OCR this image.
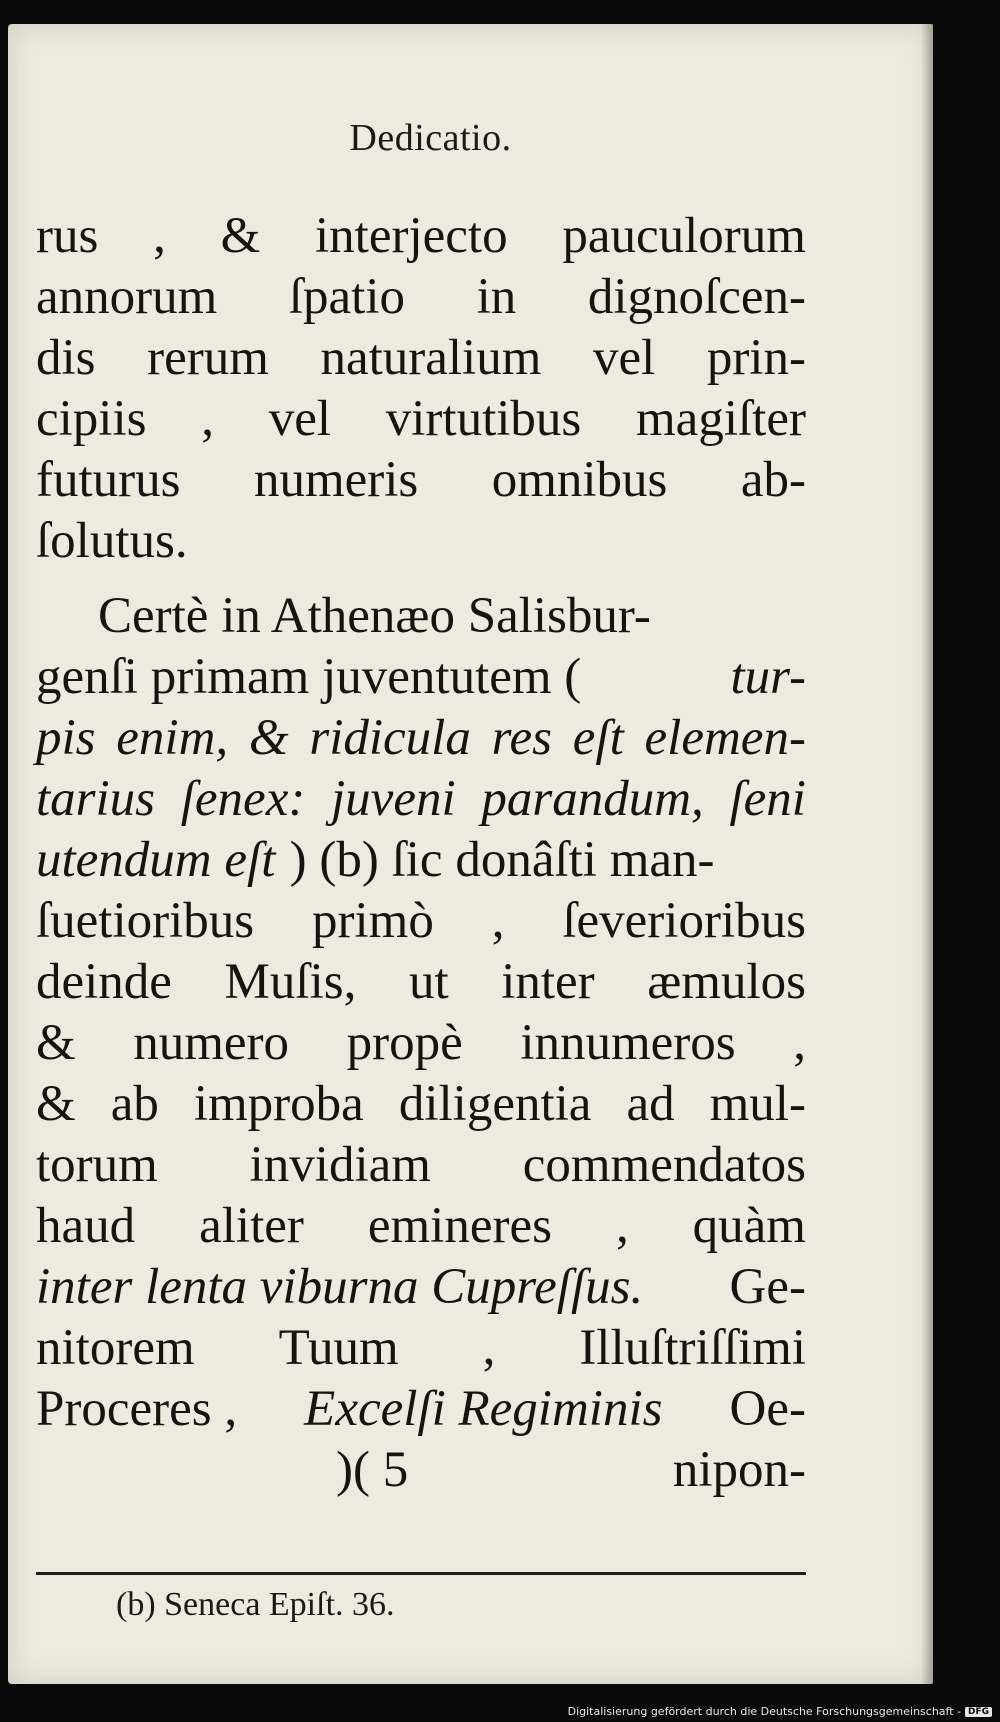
Dedicatio.
rus , & interjecto pauculorum
annorum ſpatio in dignoſcen-
dis rerum naturalium vel prin-
cipiis , vel virtutibus magiſter
futurus numeris omnibus ab-
ſolutus.
Certè in Athenæo Salisbur-
genſi primam juventutem (	tur-
pis enim, & ridicula res eſt elemen-
tarius ſenex: juveni parandum, ſeni
utendum eſt ) (b) ſic donâſti man-
ſuetioribus primò , ſeverioribus
deinde Muſis, ut inter æmulos
& numero propè innumeros ,
& ab improba diligentia ad mul-
torum invidiam commendatos
haud aliter emineres , quàm
inter lenta viburna Cupreſſus. Ge-
nitorem Tuum , Illuſtriſſimi
Proceres , Excelſi Regiminis Oe-
)( 5	nipon-
(b) Seneca Epiſt. 36.
Digitalisierung gefördert durch die Deutsche Forschungsgemeinschaft - DFG
